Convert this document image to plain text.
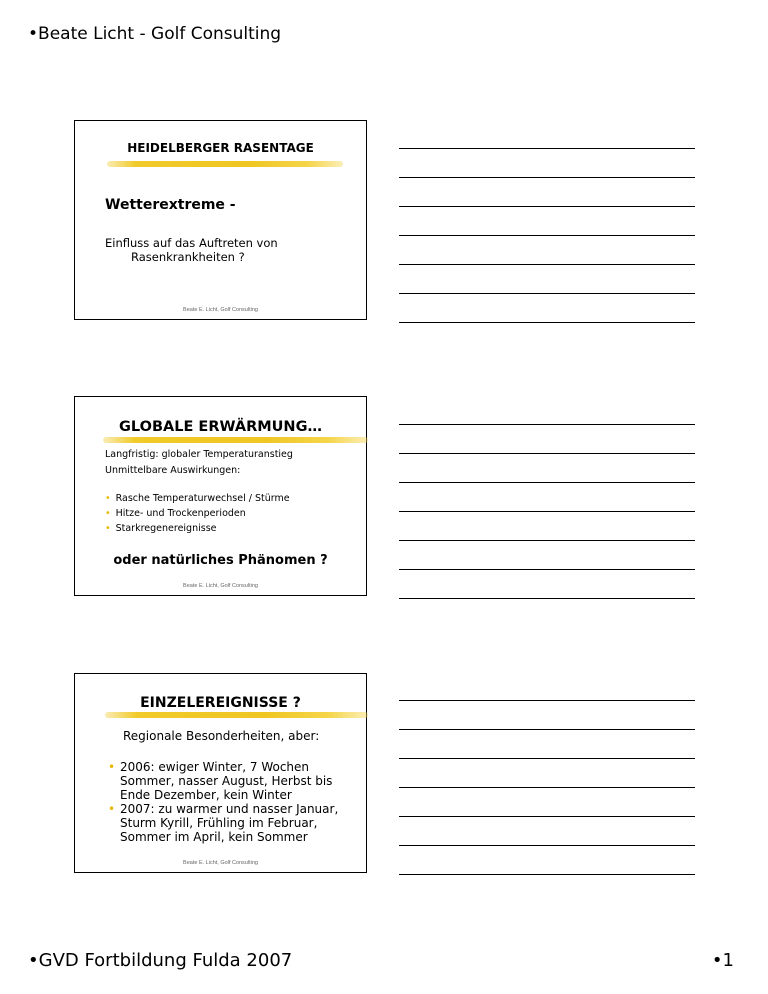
•Beate Licht - Golf Consulting
HEIDELBERGER RASENTAGE
Wetterextreme -
Einfluss auf das Auftreten von
Rasenkrankheiten ?
Beate E. Licht, Golf Consulting
GLOBALE ERWÄRMUNG…
Langfristig: globaler Temperaturanstieg
Unmittelbare Auswirkungen:
• Rasche Temperaturwechsel / Stürme
• Hitze- und Trockenperioden
• Starkregenereignisse
oder natürliches Phänomen ?
Beate E. Licht, Golf Consulting
EINZELEREIGNISSE ?
Regionale Besonderheiten, aber:
• 2006: ewiger Winter, 7 Wochen Sommer, nasser August, Herbst bis Ende Dezember, kein Winter
• 2007: zu warmer und nasser Januar, Sturm Kyrill, Frühling im Februar, Sommer im April, kein Sommer
Beate E. Licht, Golf Consulting
•GVD Fortbildung Fulda 2007	•1
